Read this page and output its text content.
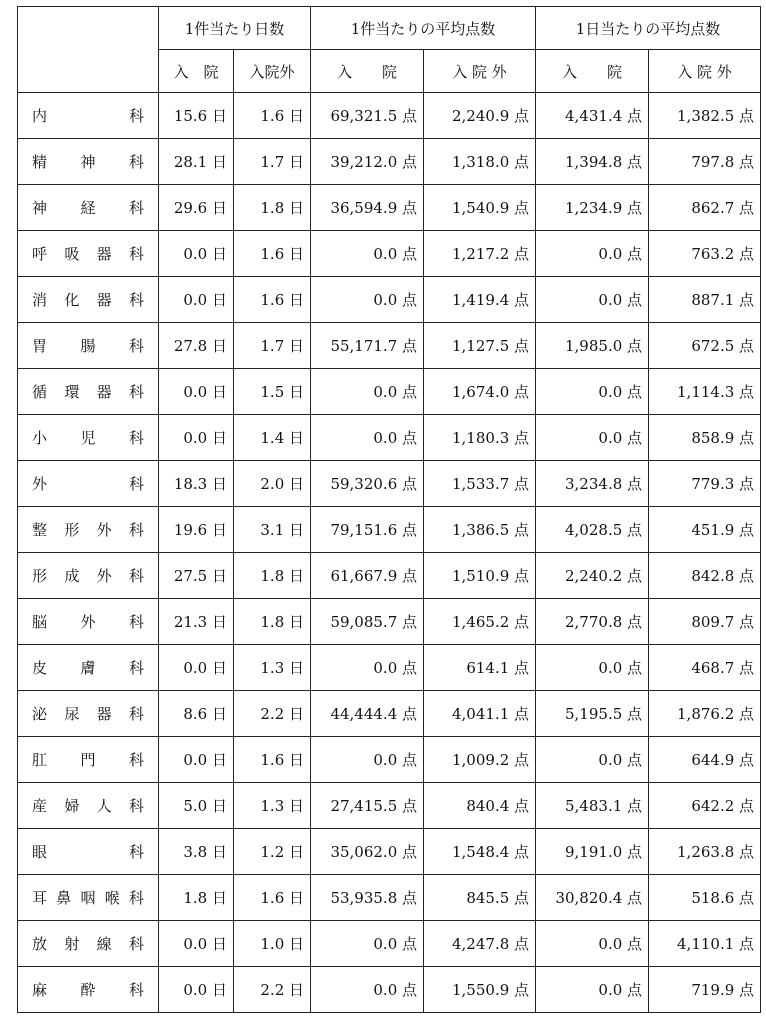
	1件当たり日数		1件当たりの平均点数		1日当たりの平均点数	
	入　院	入院外	入　　院	入 院 外	入　　院	入 院 外

内 科	15.6 日	1.6 日	69,321.5 点	2,240.9 点	4,431.4 点	1,382.5 点

精 神 科	28.1 日	1.7 日	39,212.0 点	1,318.0 点	1,394.8 点	797.8 点

神 経 科	29.6 日	1.8 日	36,594.9 点	1,540.9 点	1,234.9 点	862.7 点

呼 吸 器 科	0.0 日	1.6 日	0.0 点	1,217.2 点	0.0 点	763.2 点

消 化 器 科	0.0 日	1.6 日	0.0 点	1,419.4 点	0.0 点	887.1 点

胃 腸 科	27.8 日	1.7 日	55,171.7 点	1,127.5 点	1,985.0 点	672.5 点

循 環 器 科	0.0 日	1.5 日	0.0 点	1,674.0 点	0.0 点	1,114.3 点

小 児 科	0.0 日	1.4 日	0.0 点	1,180.3 点	0.0 点	858.9 点

外 科	18.3 日	2.0 日	59,320.6 点	1,533.7 点	3,234.8 点	779.3 点

整 形 外 科	19.6 日	3.1 日	79,151.6 点	1,386.5 点	4,028.5 点	451.9 点

形 成 外 科	27.5 日	1.8 日	61,667.9 点	1,510.9 点	2,240.2 点	842.8 点

脳 外 科	21.3 日	1.8 日	59,085.7 点	1,465.2 点	2,770.8 点	809.7 点

皮 膚 科	0.0 日	1.3 日	0.0 点	614.1 点	0.0 点	468.7 点

泌 尿 器 科	8.6 日	2.2 日	44,444.4 点	4,041.1 点	5,195.5 点	1,876.2 点

肛 門 科	0.0 日	1.6 日	0.0 点	1,009.2 点	0.0 点	644.9 点

産 婦 人 科	5.0 日	1.3 日	27,415.5 点	840.4 点	5,483.1 点	642.2 点

眼 科	3.8 日	1.2 日	35,062.0 点	1,548.4 点	9,191.0 点	1,263.8 点

耳 鼻 咽 喉 科	1.8 日	1.6 日	53,935.8 点	845.5 点	30,820.4 点	518.6 点

放 射 線 科	0.0 日	1.0 日	0.0 点	4,247.8 点	0.0 点	4,110.1 点

麻 酔 科	0.0 日	2.2 日	0.0 点	1,550.9 点	0.0 点	719.9 点
